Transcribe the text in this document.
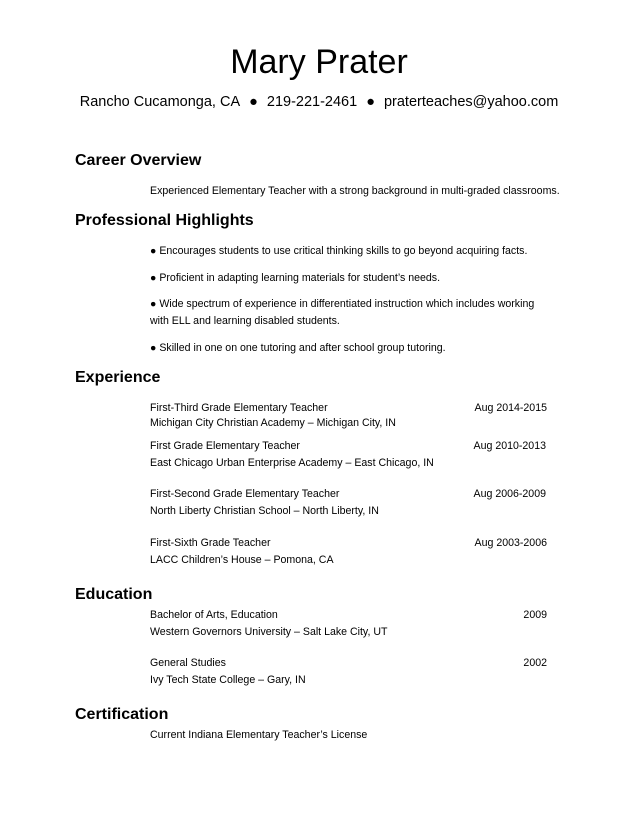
Mary Prater
Rancho Cucamonga, CA ● 219-221-2461 ● praterteaches@yahoo.com
Career Overview
Experienced Elementary Teacher with a strong background in multi-graded classrooms.
Professional Highlights
● Encourages students to use critical thinking skills to go beyond acquiring facts.
● Proficient in adapting learning materials for student’s needs.
● Wide spectrum of experience in differentiated instruction which includes working
with ELL and learning disabled students.
● Skilled in one on one tutoring and after school group tutoring.
Experience
First-Third Grade Elementary Teacher	Aug 2014-2015
Michigan City Christian Academy – Michigan City, IN
First Grade Elementary Teacher	Aug 2010-2013
East Chicago Urban Enterprise Academy – East Chicago, IN
First-Second Grade Elementary Teacher	Aug 2006-2009
North Liberty Christian School – North Liberty, IN
First-Sixth Grade Teacher	Aug 2003-2006
LACC Children’s House – Pomona, CA
Education
Bachelor of Arts, Education	2009
Western Governors University – Salt Lake City, UT
General Studies	2002
Ivy Tech State College – Gary, IN
Certification
Current Indiana Elementary Teacher’s License
